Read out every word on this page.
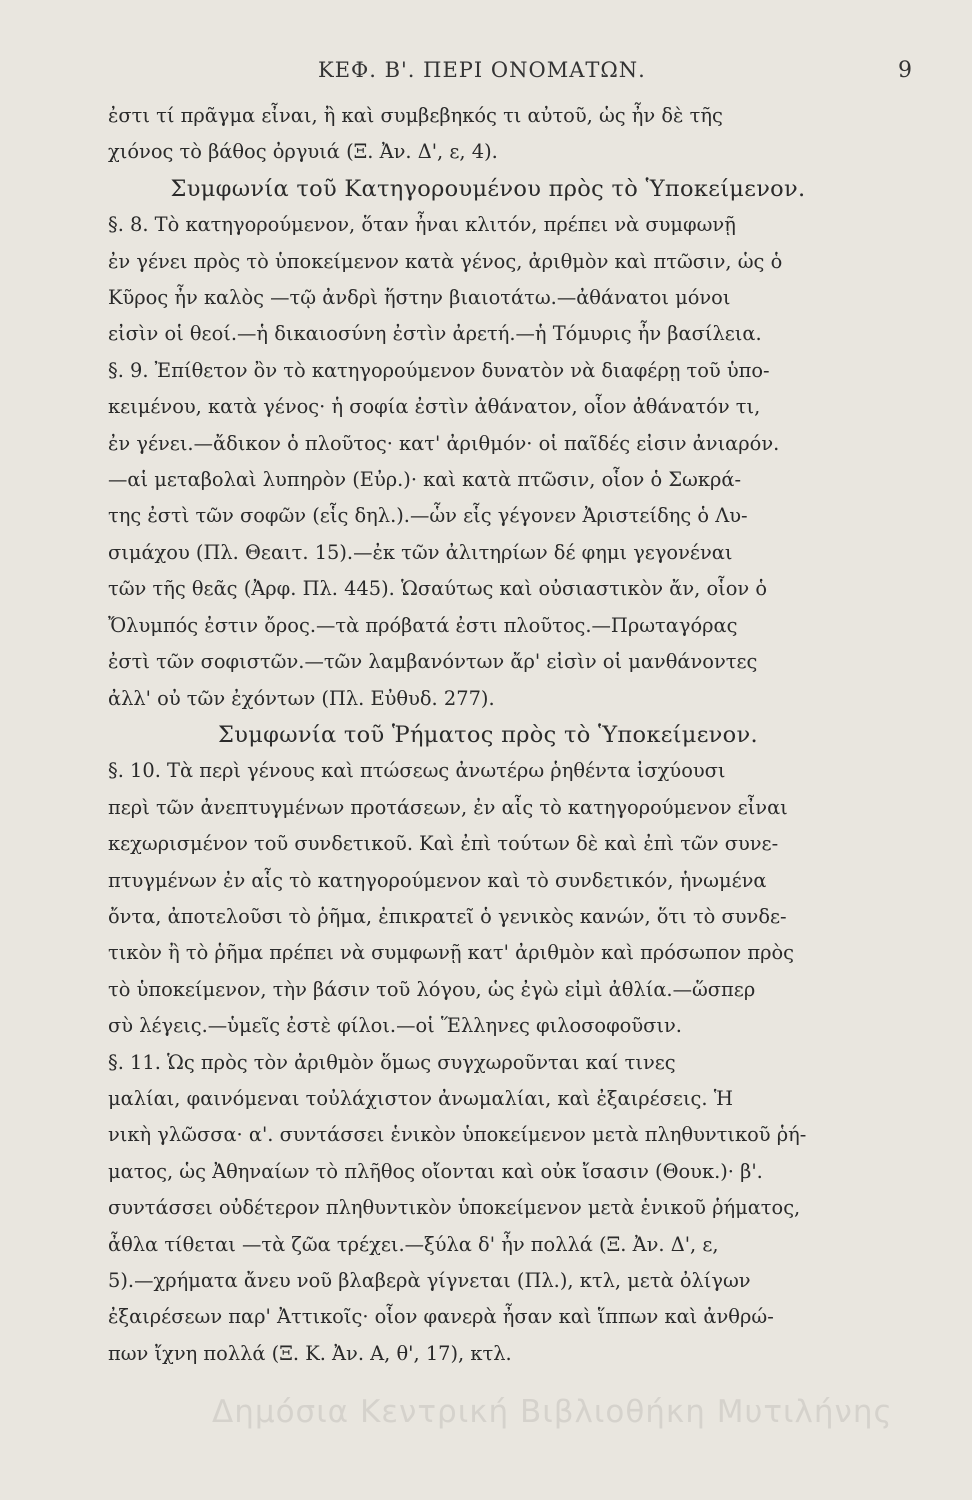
ΚΕΦ. Β'. ΠΕΡΙ ΟΝΟΜΑΤΩΝ.	9
ἐστι τί πρᾶγμα εἶναι, ἢ καὶ συμβεβηκός τι αὐτοῦ, ὡς ἦν δὲ τῆς
χιόνος τὸ βάθος ὀργυιά (Ξ. Ἀν. Δ', ε, 4).
Συμφωνία τοῦ Κατηγορουμένου πρὸς τὸ Ὑποκείμενον.
§. 8. Τὸ κατηγορούμενον, ὅταν ἦναι κλιτόν, πρέπει νὰ συμφωνῇ
ἐν γένει πρὸς τὸ ὑποκείμενον κατὰ γένος, ἀριθμὸν καὶ πτῶσιν, ὡς ὁ
Κῦρος ἦν καλὸς —τῷ ἀνδρὶ ἥστην βιαιοτάτω.—ἀθάνατοι μόνοι
εἰσὶν οἱ θεοί.—ἡ δικαιοσύνη ἐστὶν ἀρετή.—ἡ Τόμυρις ἦν βασίλεια.
§. 9. Ἐπίθετον ὂν τὸ κατηγορούμενον δυνατὸν νὰ διαφέρῃ τοῦ ὑπο-
κειμένου, κατὰ γένος· ἡ σοφία ἐστὶν ἀθάνατον, οἷον ἀθάνατόν τι,
ἐν γένει.—ἄδικον ὁ πλοῦτος· κατ' ἀριθμόν· οἱ παῖδές εἰσιν ἀνιαρόν.
—αἱ μεταβολαὶ λυπηρὸν (Εὐρ.)· καὶ κατὰ πτῶσιν, οἷον ὁ Σωκρά-
της ἐστὶ τῶν σοφῶν (εἷς δηλ.).—ὧν εἷς γέγονεν Ἀριστείδης ὁ Λυ-
σιμάχου (Πλ. Θεαιτ. 15).—ἐκ τῶν ἀλιτηρίων δέ φημι γεγονέναι
τῶν τῆς θεᾶς (Ἀρφ. Πλ. 445). Ὡσαύτως καὶ οὐσιαστικὸν ἄν, οἷον ὁ
Ὄλυμπός ἐστιν ὄρος.—τὰ πρόβατά ἐστι πλοῦτος.—Πρωταγόρας
ἐστὶ τῶν σοφιστῶν.—τῶν λαμβανόντων ἄρ' εἰσὶν οἱ μανθάνοντες
ἀλλ' οὐ τῶν ἐχόντων (Πλ. Εὐθυδ. 277).
Συμφωνία τοῦ Ῥήματος πρὸς τὸ Ὑποκείμενον.
§. 10. Τὰ περὶ γένους καὶ πτώσεως ἀνωτέρω ῥηθέντα ἰσχύουσι
περὶ τῶν ἀνεπτυγμένων προτάσεων, ἐν αἷς τὸ κατηγορούμενον εἶναι
κεχωρισμένον τοῦ συνδετικοῦ. Καὶ ἐπὶ τούτων δὲ καὶ ἐπὶ τῶν συνε-
πτυγμένων ἐν αἷς τὸ κατηγορούμενον καὶ τὸ συνδετικόν, ἡνωμένα
ὄντα, ἀποτελοῦσι τὸ ῥῆμα, ἐπικρατεῖ ὁ γενικὸς κανών, ὅτι τὸ συνδε-
τικὸν ἢ τὸ ῥῆμα πρέπει νὰ συμφωνῇ κατ' ἀριθμὸν καὶ πρόσωπον πρὸς
τὸ ὑποκείμενον, τὴν βάσιν τοῦ λόγου, ὡς ἐγὼ εἰμὶ ἀθλία.—ὥσπερ
σὺ λέγεις.—ὑμεῖς ἐστὲ φίλοι.—οἱ Ἕλληνες φιλοσοφοῦσιν.
§. 11. Ὡς πρὸς τὸν ἀριθμὸν ὅμως συγχωροῦνται καί τινες
μαλίαι, φαινόμεναι τοὐλάχιστον ἀνωμαλίαι, καὶ ἐξαιρέσεις. Ἡ
νικὴ γλῶσσα· α'. συντάσσει ἑνικὸν ὑποκείμενον μετὰ πληθυντικοῦ ῥή-
ματος, ὡς Ἀθηναίων τὸ πλῆθος οἴονται καὶ οὐκ ἴσασιν (Θουκ.)· β'.
συντάσσει οὐδέτερον πληθυντικὸν ὑποκείμενον μετὰ ἑνικοῦ ῥήματος,
ἆθλα τίθεται —τὰ ζῶα τρέχει.—ξύλα δ' ἦν πολλά (Ξ. Ἀν. Δ', ε,
5).—χρήματα ἄνευ νοῦ βλαβερὰ γίγνεται (Πλ.), κτλ, μετὰ ὀλίγων
ἐξαιρέσεων παρ' Ἀττικοῖς· οἷον φανερὰ ἦσαν καὶ ἵππων καὶ ἀνθρώ-
πων ἴχνη πολλά (Ξ. Κ. Ἀν. Α, θ', 17), κτλ.
Δημόσια Κεντρική Βιβλιοθήκη Μυτιλήνης
